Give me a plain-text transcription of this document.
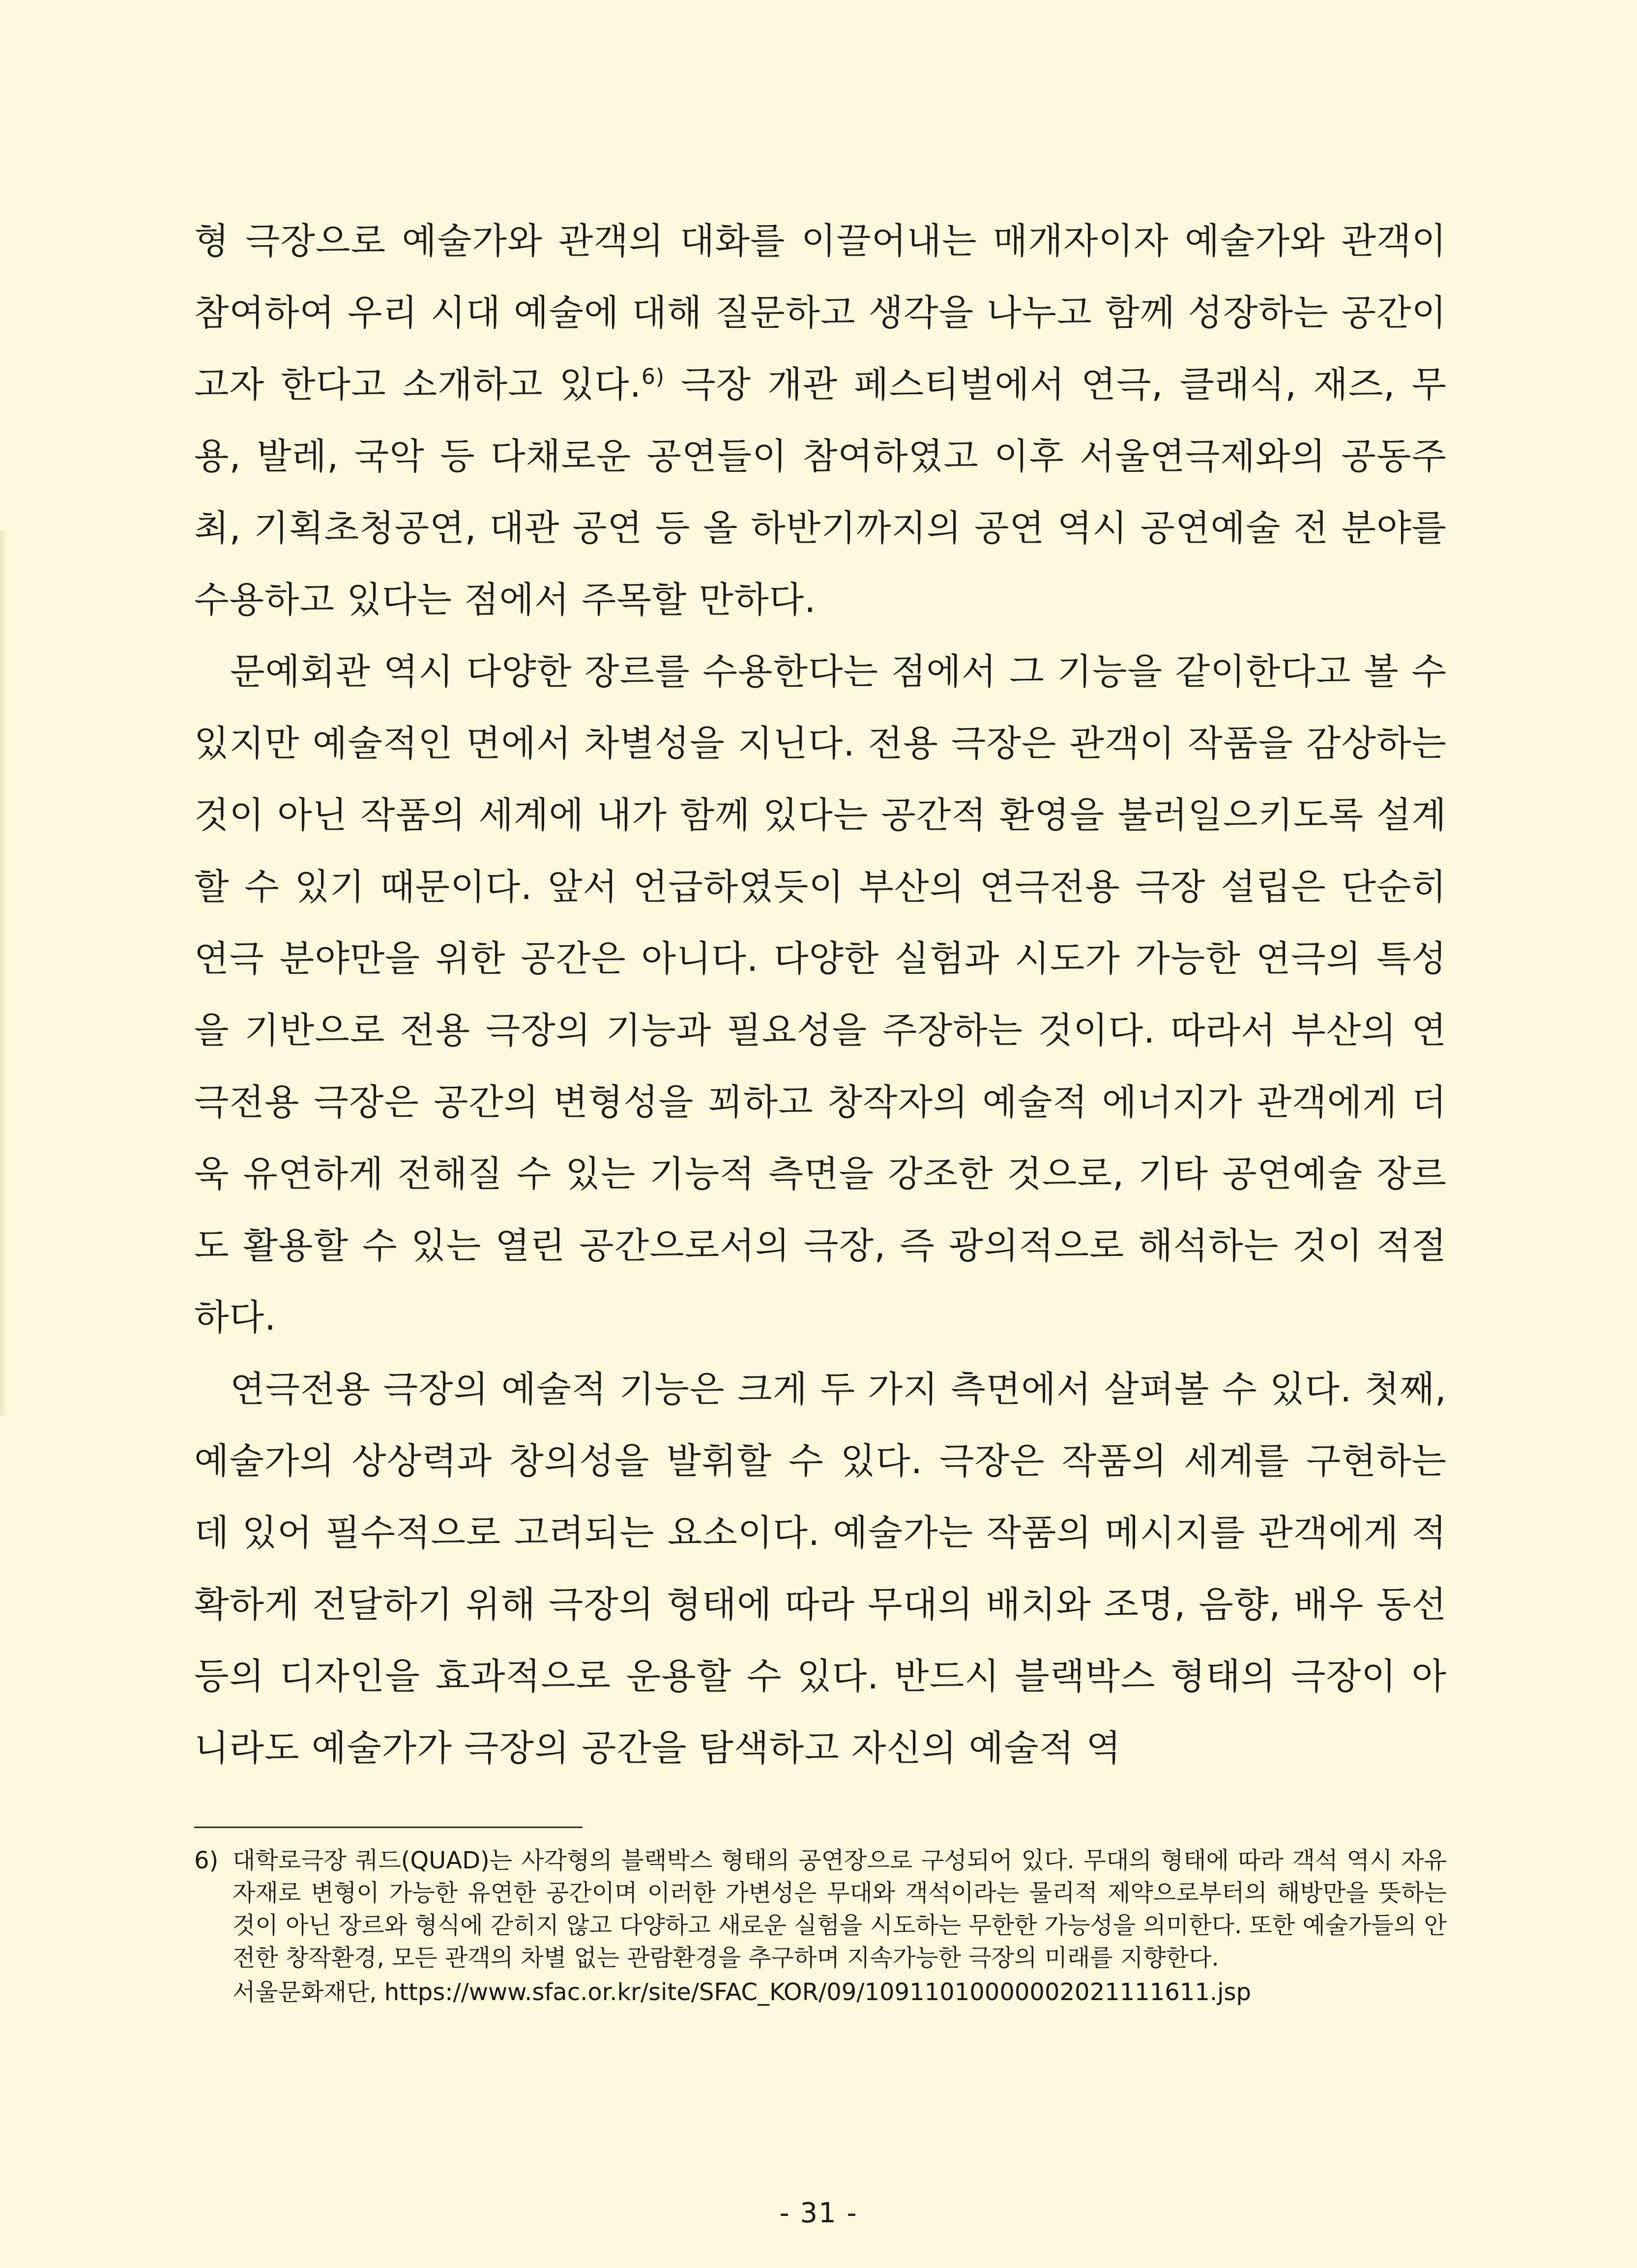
형 극장으로 예술가와 관객의 대화를 이끌어내는 매개자이자 예술가와 관객이 참여하여 우리 시대 예술에 대해 질문하고 생각을 나누고 함께 성장하는 공간이고자 한다고 소개하고 있다.$^{6)}$ 극장 개관 페스티벌에서 연극, 클래식, 재즈, 무용, 발레, 국악 등 다채로운 공연들이 참여하였고 이후 서울연극제와의 공동주최, 기획초청공연, 대관 공연 등 올 하반기까지의 공연 역시 공연예술 전 분야를 수용하고 있다는 점에서 주목할 만하다.

문예회관 역시 다양한 장르를 수용한다는 점에서 그 기능을 같이한다고 볼 수 있지만 예술적인 면에서 차별성을 지닌다. 전용 극장은 관객이 작품을 감상하는 것이 아닌 작품의 세계에 내가 함께 있다는 공간적 환영을 불러일으키도록 설계할 수 있기 때문이다. 앞서 언급하였듯이 부산의 연극전용 극장 설립은 단순히 연극 분야만을 위한 공간은 아니다. 다양한 실험과 시도가 가능한 연극의 특성을 기반으로 전용 극장의 기능과 필요성을 주장하는 것이다. 따라서 부산의 연극전용 극장은 공간의 변형성을 꾀하고 창작자의 예술적 에너지가 관객에게 더욱 유연하게 전해질 수 있는 기능적 측면을 강조한 것으로, 기타 공연예술 장르도 활용할 수 있는 열린 공간으로서의 극장, 즉 광의적으로 해석하는 것이 적절하다.

연극전용 극장의 예술적 기능은 크게 두 가지 측면에서 살펴볼 수 있다. 첫째, 예술가의 상상력과 창의성을 발휘할 수 있다. 극장은 작품의 세계를 구현하는 데 있어 필수적으로 고려되는 요소이다. 예술가는 작품의 메시지를 관객에게 적확하게 전달하기 위해 극장의 형태에 따라 무대의 배치와 조명, 음향, 배우 동선 등의 디자인을 효과적으로 운용할 수 있다. 반드시 블랙박스 형태의 극장이 아니라도 예술가가 극장의 공간을 탐색하고 자신의 예술적 역

6) 대학로극장 쿼드(QUAD)는 사각형의 블랙박스 형태의 공연장으로 구성되어 있다. 무대의 형태에 따라 객석 역시 자유자재로 변형이 가능한 유연한 공간이며 이러한 가변성은 무대와 객석이라는 물리적 제약으로부터의 해방만을 뜻하는 것이 아닌 장르와 형식에 갇히지 않고 다양하고 새로운 실험을 시도하는 무한한 가능성을 의미한다. 또한 예술가들의 안전한 창작환경, 모든 관객의 차별 없는 관람환경을 추구하며 지속가능한 극장의 미래를 지향한다.
서울문화재단, https://www.sfac.or.kr/site/SFAC_KOR/09/10911010000002021111611.jsp
- 31 -
